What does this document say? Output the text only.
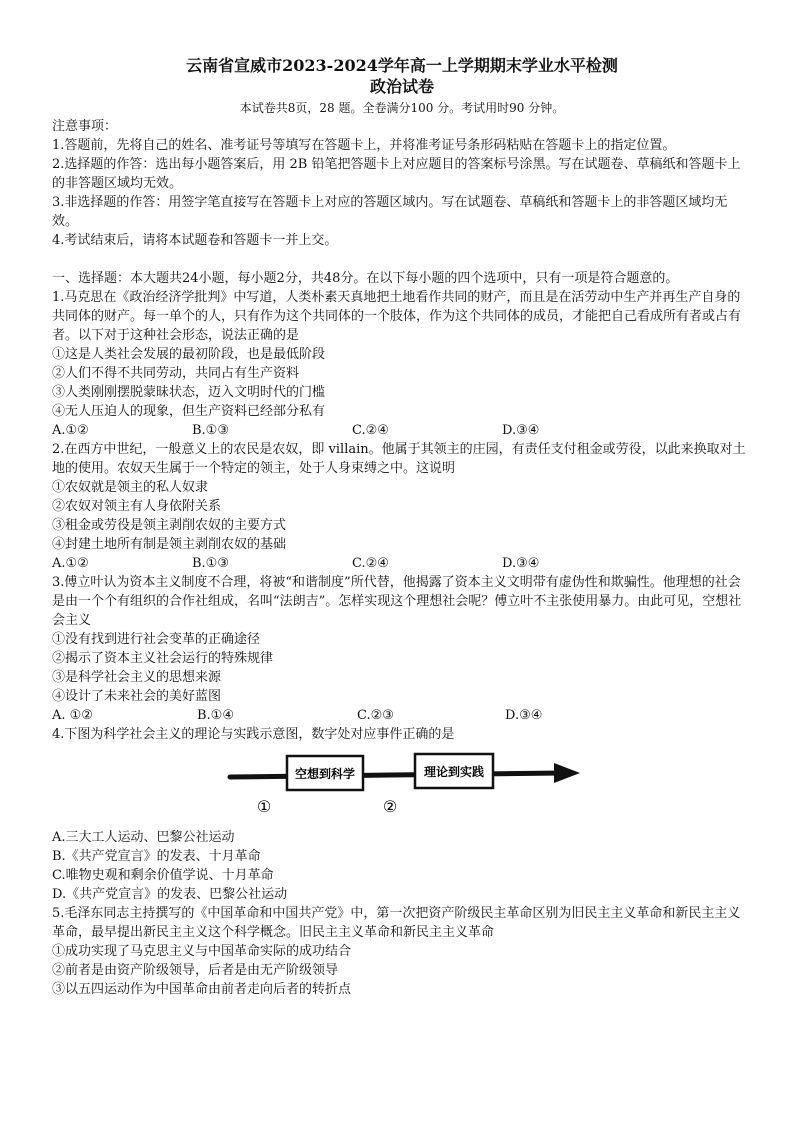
云南省宣威市2023-2024学年高一上学期期末学业水平检测
政治试卷
本试卷共8页，28 题。全卷满分100 分。考试用时90 分钟。
注意事项：
1.答题前，先将自己的姓名、准考证号等填写在答题卡上，并将准考证号条形码粘贴在答题卡上的指定位置。
2.选择题的作答：选出每小题答案后，用 2B 铅笔把答题卡上对应题目的答案标号涂黑。写在试题卷、草稿纸和答题卡上的非答题区域均无效。
3.非选择题的作答：用签字笔直接写在答题卡上对应的答题区域内。写在试题卷、草稿纸和答题卡上的非答题区域均无效。
4.考试结束后，请将本试题卷和答题卡一并上交。
一、选择题：本大题共24小题，每小题2分，共48分。在以下每小题的四个选项中，只有一项是符合题意的。
1.马克思在《政治经济学批判》中写道，人类朴素天真地把土地看作共同的财产，而且是在活劳动中生产并再生产自身的共同体的财产。每一单个的人，只有作为这个共同体的一个肢体，作为这个共同体的成员，才能把自己看成所有者或占有者。以下对于这种社会形态，说法正确的是
①这是人类社会发展的最初阶段，也是最低阶段
②人们不得不共同劳动，共同占有生产资料
③人类刚刚摆脱蒙昧状态，迈入文明时代的门槛
④无人压迫人的现象，但生产资料已经部分私有
A.①②	B.①③	C.②④	D.③④
2.在西方中世纪，一般意义上的农民是农奴，即 villain。他属于其领主的庄园，有责任支付租金或劳役，以此来换取对土地的使用。农奴天生属于一个特定的领主，处于人身束缚之中。这说明
①农奴就是领主的私人奴隶
②农奴对领主有人身依附关系
③租金或劳役是领主剥削农奴的主要方式
④封建土地所有制是领主剥削农奴的基础
A.①②	B.①③	C.②④	D.③④
3.傅立叶认为资本主义制度不合理，将被“和谐制度”所代替，他揭露了资本主义文明带有虚伪性和欺骗性。他理想的社会是由一个个有组织的合作社组成，名叫“法朗吉”。怎样实现这个理想社会呢？傅立叶不主张使用暴力。由此可见，空想社会主义
①没有找到进行社会变革的正确途径
②揭示了资本主义社会运行的特殊规律
③是科学社会主义的思想来源
④设计了未来社会的美好蓝图
A. ①②	B.①④	C.②③	D.③④
4.下图为科学社会主义的理论与实践示意图，数字处对应事件正确的是
空想到科学	理论到实践
①	②
A.三大工人运动、巴黎公社运动
B.《共产党宣言》的发表、十月革命
C.唯物史观和剩余价值学说、十月革命
D.《共产党宣言》的发表、巴黎公社运动
5.毛泽东同志主持撰写的《中国革命和中国共产党》中，第一次把资产阶级民主革命区别为旧民主主义革命和新民主主义革命，最早提出新民主主义这个科学概念。旧民主主义革命和新民主主义革命
①成功实现了马克思主义与中国革命实际的成功结合
②前者是由资产阶级领导，后者是由无产阶级领导
③以五四运动作为中国革命由前者走向后者的转折点
